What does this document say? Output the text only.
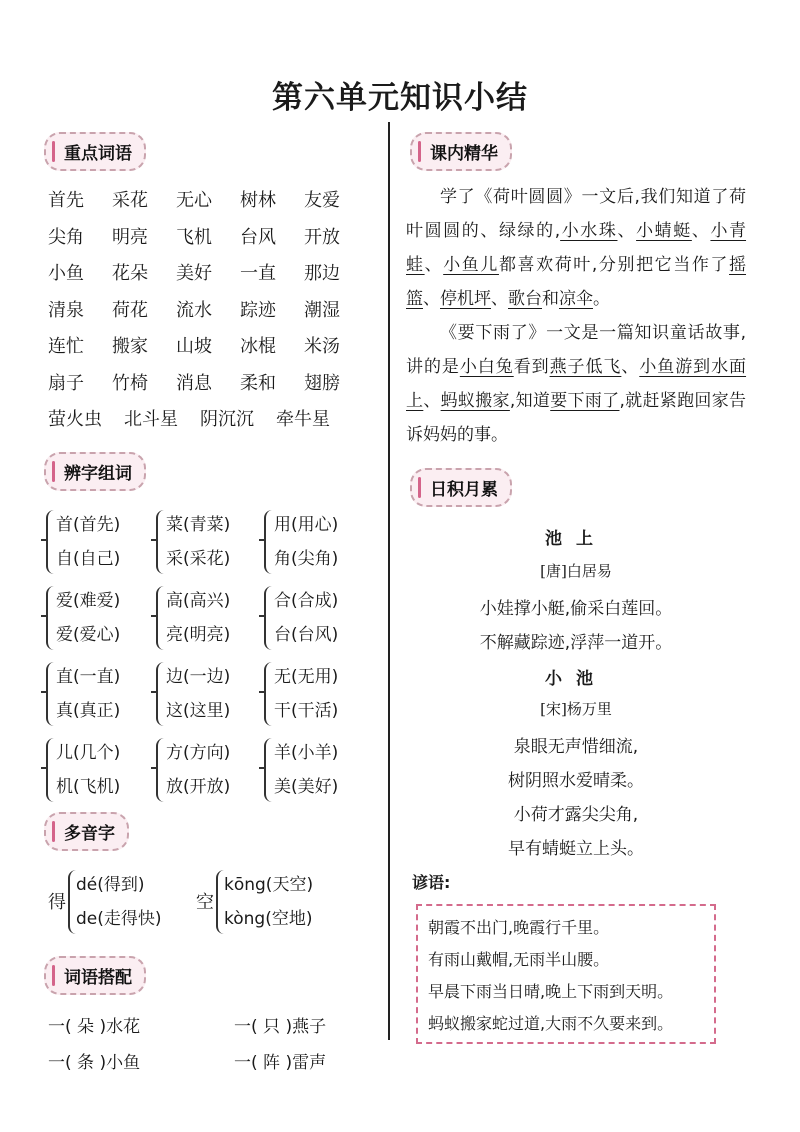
第六单元知识小结
重点词语
首先 采花 无心 树林 友爱
尖角 明亮 飞机 台风 开放
小鱼 花朵 美好 一直 那边
清泉 荷花 流水 踪迹 潮湿
连忙 搬家 山坡 冰棍 米汤
扇子 竹椅 消息 柔和 翅膀
萤火虫 北斗星 阴沉沉 牵牛星
辨字组词
首(首先)
自(自己)
菜(青菜)
采(采花)
用(用心)
角(尖角)
爱(难爱)
爱(爱心)
高(高兴)
亮(明亮)
合(合成)
台(台风)
直(一直)
真(真正)
边(一边)
这(这里)
无(无用)
干(干活)
儿(几个)
机(飞机)
方(方向)
放(开放)
羊(小羊)
美(美好)
多音字
得
dé(得到)
de(走得快)
空
kōng(天空)
kòng(空地)
词语搭配
一( 朵 )水花	一( 只 )燕子
一( 条 )小鱼	一( 阵 )雷声
课内精华
学了《荷叶圆圆》一文后,我们知道了荷叶圆圆的、绿绿的,小水珠、小蜻蜓、小青蛙、小鱼儿都喜欢荷叶,分别把它当作了摇篮、停机坪、歌台和凉伞。
《要下雨了》一文是一篇知识童话故事,讲的是小白兔看到燕子低飞、小鱼游到水面上、蚂蚁搬家,知道要下雨了,就赶紧跑回家告诉妈妈的事。
日积月累
池上
[唐]白居易
小娃撑小艇,偷采白莲回。
不解藏踪迹,浮萍一道开。
小池
[宋]杨万里
泉眼无声惜细流,
树阴照水爱晴柔。
小荷才露尖尖角,
早有蜻蜓立上头。
谚语:
朝霞不出门,晚霞行千里。
有雨山戴帽,无雨半山腰。
早晨下雨当日晴,晚上下雨到天明。
蚂蚁搬家蛇过道,大雨不久要来到。
